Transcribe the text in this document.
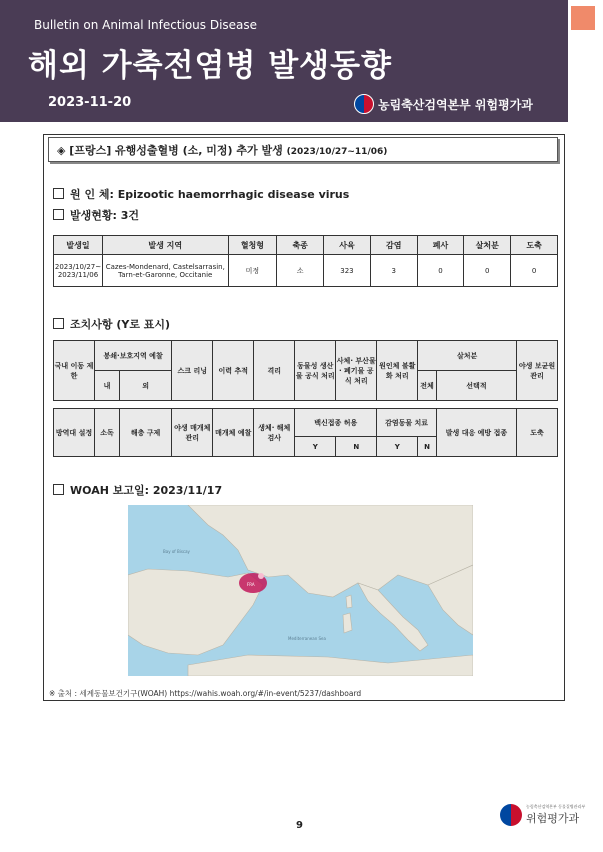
Bulletin on Animal Infectious Disease
해외 가축전염병 발생동향
2023-11-20	농림축산검역본부 위험평가과
◈ [프랑스] 유행성출혈병 (소, 미정) 추가 발생 (2023/10/27~11/06)
원 인 체: Epizootic haemorrhagic disease virus
발생현황: 3건
발생일	발생 지역	혈청형	축종	사육	감염	폐사	살처분	도축
2023/10/27~ 2023/11/06	Cazes-Mondenard, Castelsarrasin, Tarn-et-Garonne, Occitanie	미정	소	323	3	0	0	0
조치사항 (Y로 표시)
국내 이동 제한	봉쇄·보호지역 예찰		스크 리닝	이력 추적	격리	동물성 생산물 공식 처리	사체· 부산물· 폐기물 공식 처리	원인체 불활화 처리	살처분		야생 보균원 관리
	내	외							전체	선택적	

방역대 설정	소독	해충 구제	야생 매개체 관리	매개체 예찰	생체· 해체 검사	백신접종 허용		감염동물 치료		발생 대응 예방 접종	도축
						Y	N	Y	N		
WOAH 보고일: 2023/11/17
FRA
Bay of Biscay
Mediterranean Sea
※ 출처 : 세계동물보건기구(WOAH) https://wahis.woah.org/#/in-event/5237/dashboard
9
농림축산검역본부 동물질병관리부
위험평가과
